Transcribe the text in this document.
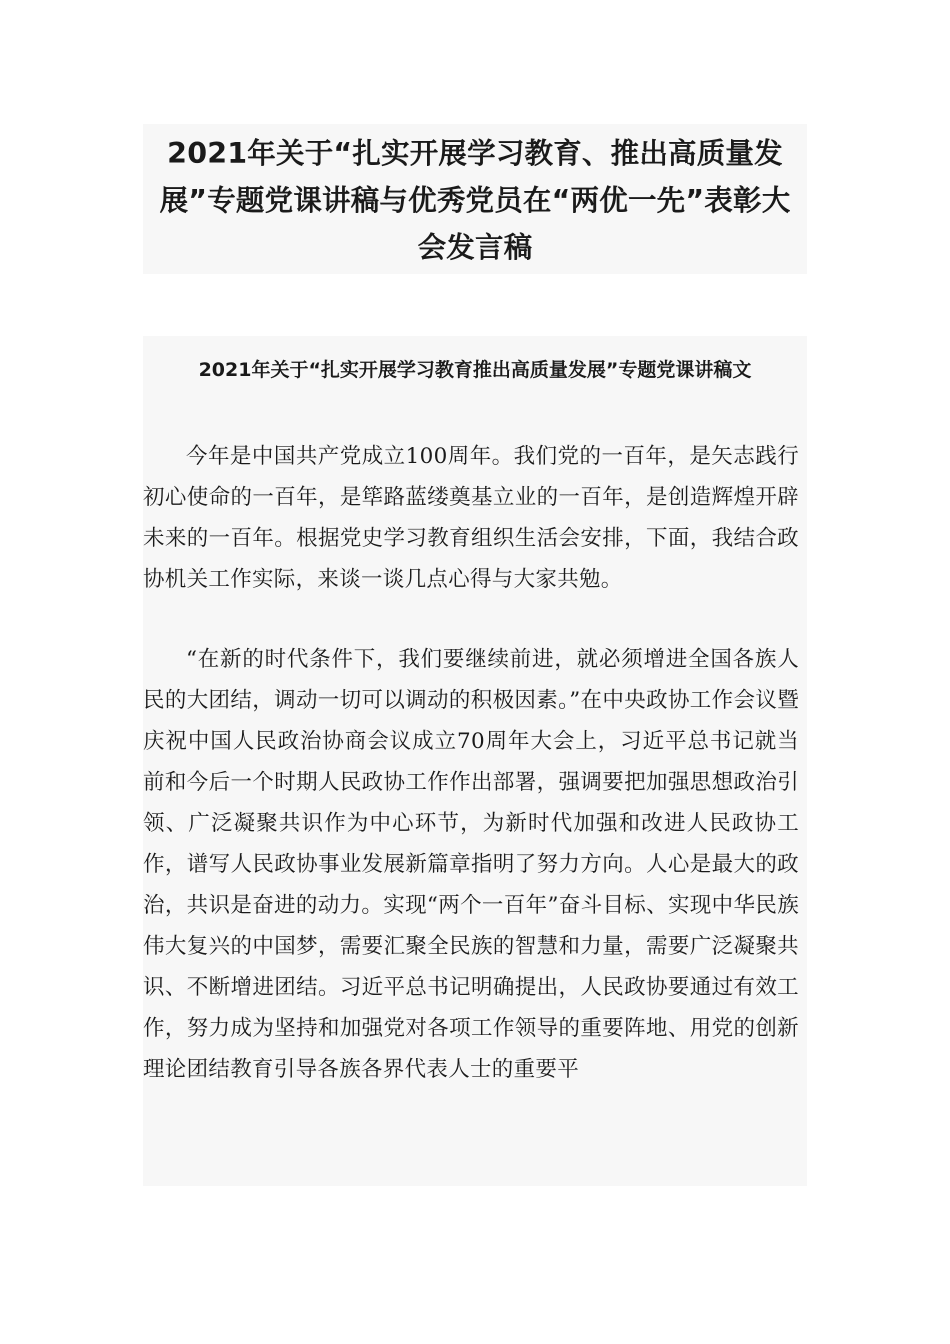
2021年关于“扎实开展学习教育、推出高质量发展”专题党课讲稿与优秀党员在“两优一先”表彰大会发言稿
2021年关于“扎实开展学习教育推出高质量发展”专题党课讲稿文

今年是中国共产党成立100周年。我们党的一百年，是矢志践行初心使命的一百年，是筚路蓝缕奠基立业的一百年，是创造辉煌开辟未来的一百年。根据党史学习教育组织生活会安排，下面，我结合政协机关工作实际，来谈一谈几点心得与大家共勉。

“在新的时代条件下，我们要继续前进，就必须增进全国各族人民的大团结，调动一切可以调动的积极因素。”在中央政协工作会议暨庆祝中国人民政治协商会议成立70周年大会上，习近平总书记就当前和今后一个时期人民政协工作作出部署，强调要把加强思想政治引领、广泛凝聚共识作为中心环节，为新时代加强和改进人民政协工作，谱写人民政协事业发展新篇章指明了努力方向。人心是最大的政治，共识是奋进的动力。实现“两个一百年”奋斗目标、实现中华民族伟大复兴的中国梦，需要汇聚全民族的智慧和力量，需要广泛凝聚共识、不断增进团结。习近平总书记明确提出，人民政协要通过有效工作，努力成为坚持和加强党对各项工作领导的重要阵地、用党的创新理论团结教育引导各族各界代表人士的重要平
